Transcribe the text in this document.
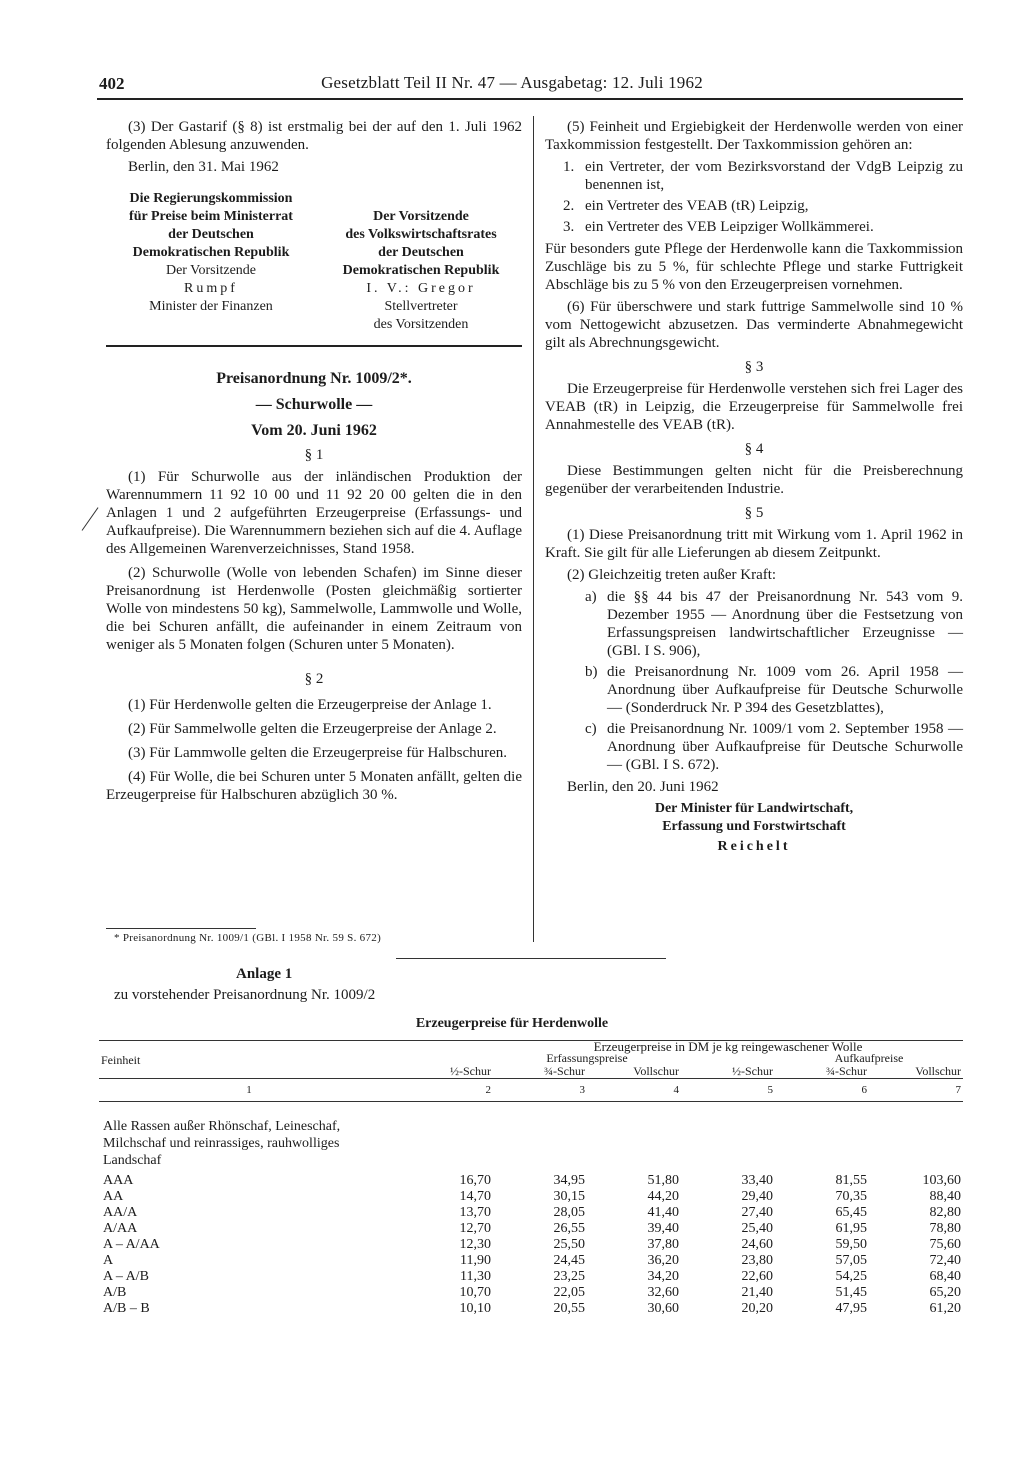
402	Gesetzblatt Teil II Nr. 47 — Ausgabetag: 12. Juli 1962

(3) Der Gastarif (§ 8) ist erstmalig bei der auf den 1. Juli 1962 folgenden Ablesung anzuwenden.

Berlin, den 31. Mai 1962

Die Regierungskommission
für Preise beim Ministerrat
der Deutschen
Demokratischen Republik
Der Vorsitzende
Rumpf
Minister der Finanzen
Der Vorsitzende
des Volkswirtschaftsrates
der Deutschen
Demokratischen Republik
I. V.: Gregor
Stellvertreter
des Vorsitzenden
Preisanordnung Nr. 1009/2*.
— Schurwolle —
Vom 20. Juni 1962

§ 1

(1) Für Schurwolle aus der inländischen Produktion der Warennummern 11 92 10 00 und 11 92 20 00 gelten die in den Anlagen 1 und 2 aufgeführten Erzeugerpreise (Erfassungs- und Aufkaufpreise). Die Warennummern beziehen sich auf die 4. Auflage des Allgemeinen Warenverzeichnisses, Stand 1958.

(2) Schurwolle (Wolle von lebenden Schafen) im Sinne dieser Preisanordnung ist Herdenwolle (Posten gleichmäßig sortierter Wolle von mindestens 50 kg), Sammelwolle, Lammwolle und Wolle, die bei Schuren anfällt, die aufeinander in einem Zeitraum von weniger als 5 Monaten folgen (Schuren unter 5 Monaten).

§ 2

(1) Für Herdenwolle gelten die Erzeugerpreise der Anlage 1.

(2) Für Sammelwolle gelten die Erzeugerpreise der Anlage 2.

(3) Für Lammwolle gelten die Erzeugerpreise für Halbschuren.

(4) Für Wolle, die bei Schuren unter 5 Monaten anfällt, gelten die Erzeugerpreise für Halbschuren abzüglich 30 %.

* Preisanordnung Nr. 1009/1 (GBl. I 1958 Nr. 59 S. 672)

(5) Feinheit und Ergiebigkeit der Herdenwolle werden von einer Taxkommission festgestellt. Der Taxkommission gehören an:

1. ein Vertreter, der vom Bezirksvorstand der VdgB Leipzig zu benennen ist,
2. ein Vertreter des VEAB (tR) Leipzig,
3. ein Vertreter des VEB Leipziger Wollkämmerei.

Für besonders gute Pflege der Herdenwolle kann die Taxkommission Zuschläge bis zu 5 %, für schlechte Pflege und starke Futtrigkeit Abschläge bis zu 5 % von den Erzeugerpreisen vornehmen.

(6) Für überschwere und stark futtrige Sammelwolle sind 10 % vom Nettogewicht abzusetzen. Das verminderte Abnahmegewicht gilt als Abrechnungsgewicht.

§ 3

Die Erzeugerpreise für Herdenwolle verstehen sich frei Lager des VEAB (tR) in Leipzig, die Erzeugerpreise für Sammelwolle frei Annahmestelle des VEAB (tR).

§ 4

Diese Bestimmungen gelten nicht für die Preisberechnung gegenüber der verarbeitenden Industrie.

§ 5

(1) Diese Preisanordnung tritt mit Wirkung vom 1. April 1962 in Kraft. Sie gilt für alle Lieferungen ab diesem Zeitpunkt.

(2) Gleichzeitig treten außer Kraft:

a) die §§ 44 bis 47 der Preisanordnung Nr. 543 vom 9. Dezember 1955 — Anordnung über die Festsetzung von Erfassungspreisen landwirtschaftlicher Erzeugnisse — (GBl. I S. 906),
b) die Preisanordnung Nr. 1009 vom 26. April 1958 — Anordnung über Aufkaufpreise für Deutsche Schurwolle — (Sonderdruck Nr. P 394 des Gesetzblattes),
c) die Preisanordnung Nr. 1009/1 vom 2. September 1958 — Anordnung über Aufkaufpreise für Deutsche Schurwolle — (GBl. I S. 672).

Berlin, den 20. Juni 1962

Der Minister für Landwirtschaft,
Erfassung und Forstwirtschaft
Reichelt
Anlage 1
zu vorstehender Preisanordnung Nr. 1009/2
Erzeugerpreise für Herdenwolle
Feinheit		Erzeugerpreise in DM je kg reingewaschener Wolle				
		Erfassungspreise			Aufkaufpreise	
	½-Schur	¾-Schur	Vollschur	½-Schur	¾-Schur	Vollschur
1	2	3	4	5	6	7
Alle Rassen außer Rhönschaf, Leineschaf, Milchschaf und reinrassiges, rauhwolliges Landschaf						
AAA	16,70	34,95	51,80	33,40	81,55	103,60
AA	14,70	30,15	44,20	29,40	70,35	88,40
AA/A	13,70	28,05	41,40	27,40	65,45	82,80
A/AA	12,70	26,55	39,40	25,40	61,95	78,80
A – A/AA	12,30	25,50	37,80	24,60	59,50	75,60
A	11,90	24,45	36,20	23,80	57,05	72,40
A – A/B	11,30	23,25	34,20	22,60	54,25	68,40
A/B	10,70	22,05	32,60	21,40	51,45	65,20
A/B – B	10,10	20,55	30,60	20,20	47,95	61,20
